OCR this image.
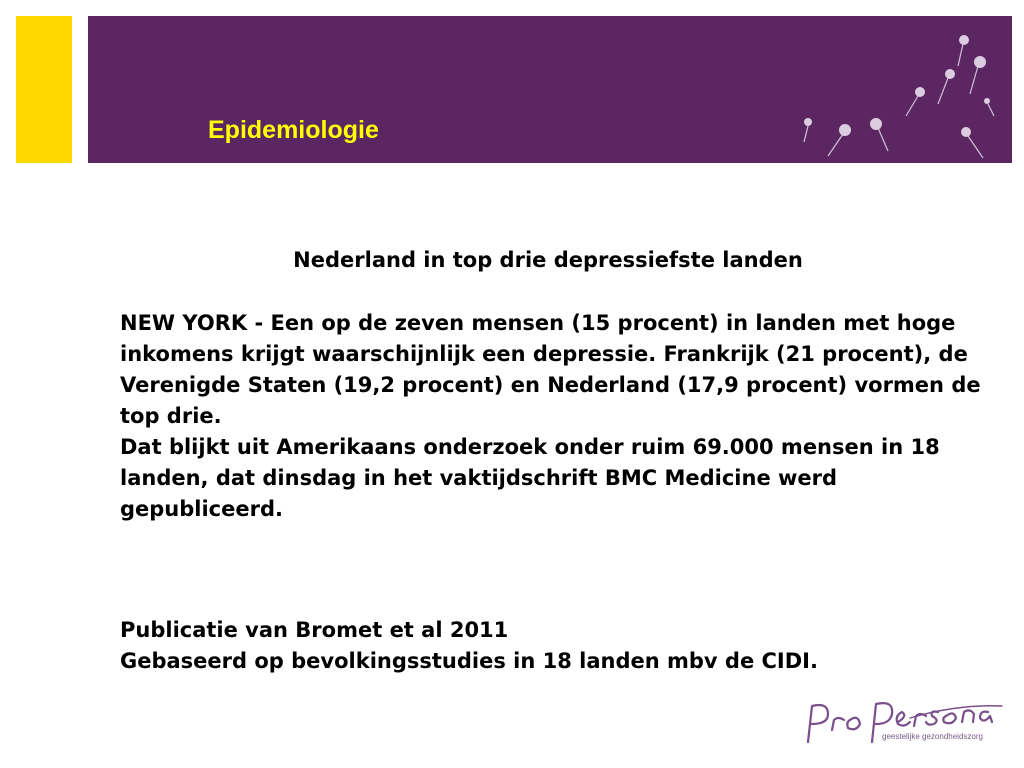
Epidemiologie
Nederland in top drie depressiefste landen

NEW YORK - Een op de zeven mensen (15 procent) in landen met hoge inkomens krijgt waarschijnlijk een depressie. Frankrijk (21 procent), de Verenigde Staten (19,2 procent) en Nederland (17,9 procent) vormen de top drie.

Dat blijkt uit Amerikaans onderzoek onder ruim 69.000 mensen in 18 landen, dat dinsdag in het vaktijdschrift BMC Medicine werd gepubliceerd.

Publicatie van Bromet et al 2011

Gebaseerd op bevolkingsstudies in 18 landen mbv de CIDI.

geestelijke gezondheidszorg
